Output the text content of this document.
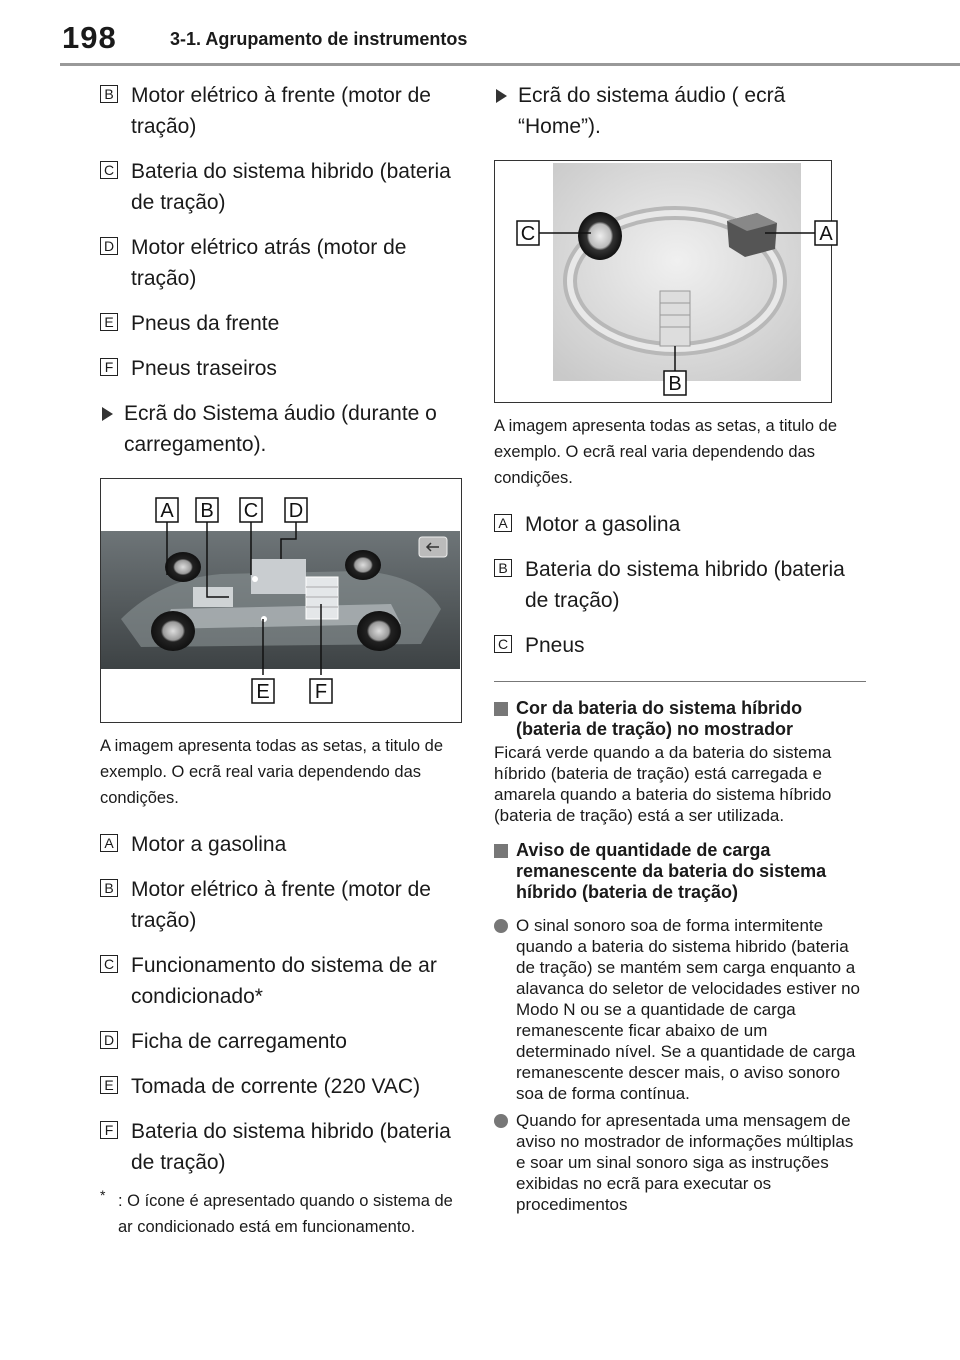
198	3-1. Agrupamento de instrumentos
B Motor elétrico à frente (motor de tração)
C Bateria do sistema hibrido (bateria de tração)
D Motor elétrico atrás (motor de tração)
E Pneus da frente
F Pneus traseiros
Ecrã do Sistema áudio (durante o carregamento).
A B C D
E F
A imagem apresenta todas as setas, a titulo de exemplo. O ecrã real varia dependendo das condições.
A Motor a gasolina
B Motor elétrico à frente (motor de tração)
C Funcionamento do sistema de ar condicionado*
D Ficha de carregamento
E Tomada de corrente (220 VAC)
F Bateria do sistema hibrido (bateria de tração)
* : O ícone é apresentado quando o sistema de ar condicionado está em funcionamento.
Ecrã do sistema áudio ( ecrã “Home”).
C	A
B
A imagem apresenta todas as setas, a titulo de exemplo. O ecrã real varia dependendo das condições.
A Motor a gasolina
B Bateria do sistema hibrido (bateria de tração)
C Pneus
Cor da bateria do sistema híbrido (bateria de tração) no mostrador
Ficará verde quando a da bateria do sistema híbrido (bateria de tração) está carregada e amarela quando a bateria do sistema híbrido (bateria de tração) está a ser utilizada.
Aviso de quantidade de carga remanescente da bateria do sistema híbrido (bateria de tração)
O sinal sonoro soa de forma intermitente quando a bateria do sistema hibrido (bateria de tração) se mantém sem carga enquanto a alavanca do seletor de velocidades estiver no Modo N ou se a quantidade de carga remanescente ficar abaixo de um determinado nível. Se a quantidade de carga remanescente descer mais, o aviso sonoro soa de forma contínua.
Quando for apresentada uma mensagem de aviso no mostrador de informações múltiplas e soar um sinal sonoro siga as instruções exibidas no ecrã para executar os procedimentos
